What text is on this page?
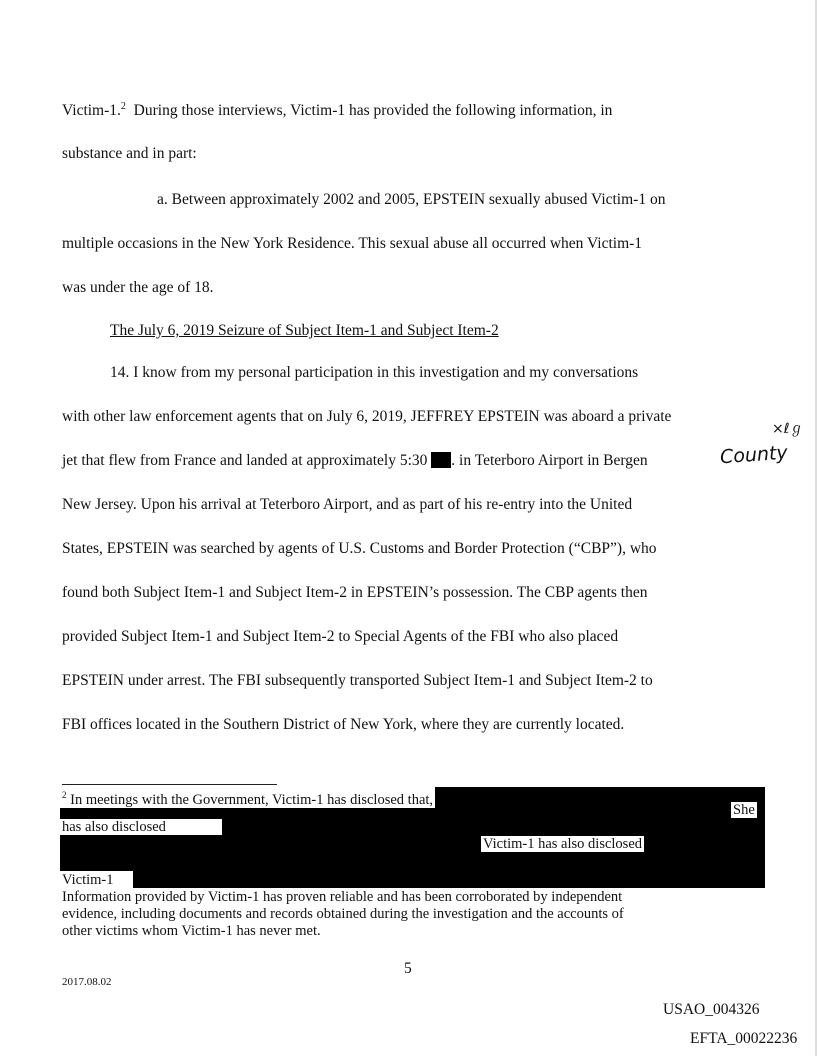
Victim-1.$^2$ During those interviews, Victim-1 has provided the following information, in
substance and in part:
a. Between approximately 2002 and 2005, EPSTEIN sexually abused Victim-1 on
multiple occasions in the New York Residence. This sexual abuse all occurred when Victim-1
was under the age of 18.
The July 6, 2019 Seizure of Subject Item-1 and Subject Item-2
14. I know from my personal participation in this investigation and my conversations
with other law enforcement agents that on July 6, 2019, JEFFREY EPSTEIN was aboard a private
jet that flew from France and landed at approximately 5:30 . in Teterboro Airport in Bergen	County
×ℓℊ
New Jersey. Upon his arrival at Teterboro Airport, and as part of his re-entry into the United
States, EPSTEIN was searched by agents of U.S. Customs and Border Protection (“CBP”), who
found both Subject Item-1 and Subject Item-2 in EPSTEIN’s possession. The CBP agents then
provided Subject Item-1 and Subject Item-2 to Special Agents of the FBI who also placed
EPSTEIN under arrest. The FBI subsequently transported Subject Item-1 and Subject Item-2 to
FBI offices located in the Southern District of New York, where they are currently located.
$^2$ In meetings with the Government, Victim-1 has disclosed that,
She
has also disclosed
Victim-1 has also disclosed
Victim-1
Information provided by Victim-1 has proven reliable and has been corroborated by independent
evidence, including documents and records obtained during the investigation and the accounts of
other victims whom Victim-1 has never met.
5
2017.08.02
USAO_004326
EFTA_00022236
